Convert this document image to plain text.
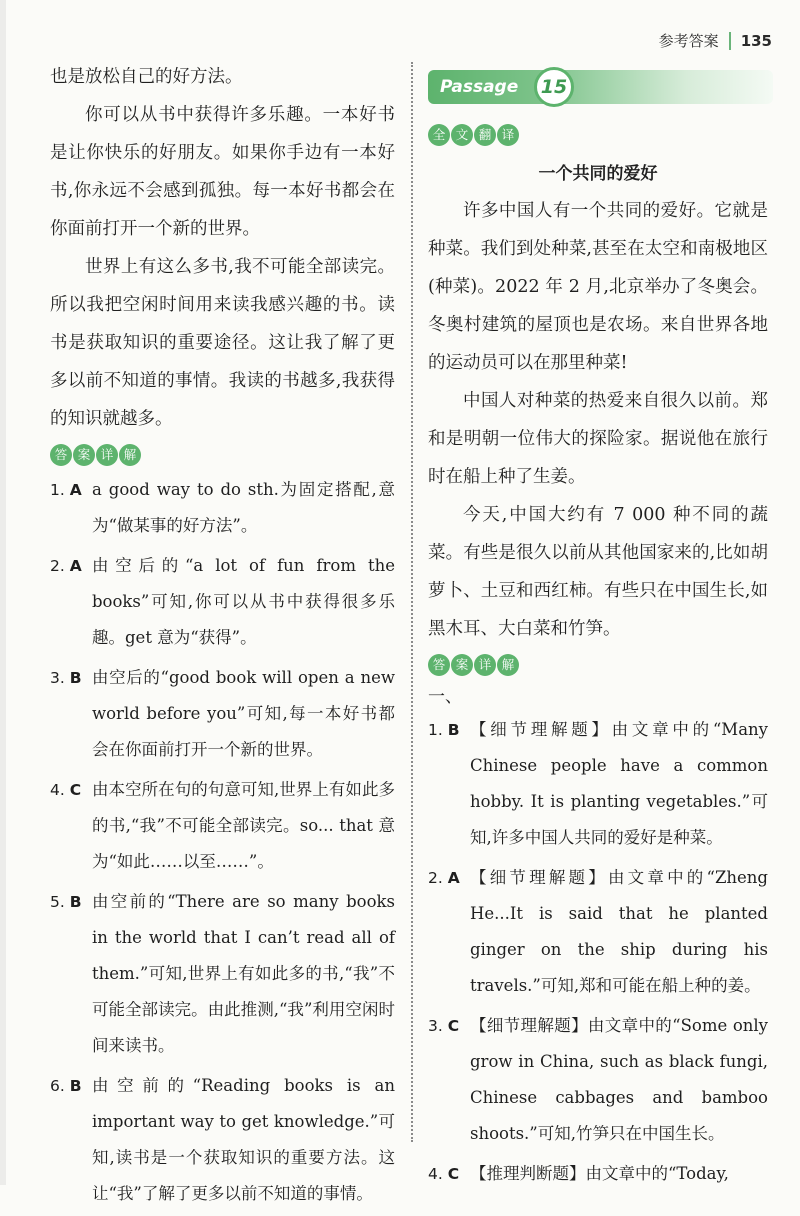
参考答案 135

也是放松自己的好方法。

你可以从书中获得许多乐趣。一本好书是让你快乐的好朋友。如果你手边有一本好书,你永远不会感到孤独。每一本好书都会在你面前打开一个新的世界。

世界上有这么多书,我不可能全部读完。所以我把空闲时间用来读我感兴趣的书。读书是获取知识的重要途径。这让我了解了更多以前不知道的事情。我读的书越多,我获得的知识就越多。

答 案 详 解
1. A a good way to do sth.为固定搭配,意为“做某事的好方法”。
2. A 由空后的“a lot of fun from the books”可知,你可以从书中获得很多乐趣。get 意为“获得”。
3. B 由空后的“good book will open a new world before you”可知,每一本好书都会在你面前打开一个新的世界。
4. C 由本空所在句的句意可知,世界上有如此多的书,“我”不可能全部读完。so... that 意为“如此……以至……”。
5. B 由空前的“There are so many books in the world that I can’t read all of them.”可知,世界上有如此多的书,“我”不可能全部读完。由此推测,“我”利用空闲时间来读书。
6. B 由空前的“Reading books is an important way to get knowledge.”可知,读书是一个获取知识的重要方法。这让“我”了解了更多以前不知道的事情。
Passage	15
全 文 翻 译
一个共同的爱好

许多中国人有一个共同的爱好。它就是种菜。我们到处种菜,甚至在太空和南极地区(种菜)。2022 年 2 月,北京举办了冬奥会。冬奥村建筑的屋顶也是农场。来自世界各地的运动员可以在那里种菜!

中国人对种菜的热爱来自很久以前。郑和是明朝一位伟大的探险家。据说他在旅行时在船上种了生姜。

今天,中国大约有 7 000 种不同的蔬菜。有些是很久以前从其他国家来的,比如胡萝卜、土豆和西红柿。有些只在中国生长,如黑木耳、大白菜和竹笋。

答 案 详 解

一、

1. B 【细节理解题】由文章中的“Many Chinese people have a common hobby. It is planting vegetables.”可知,许多中国人共同的爱好是种菜。
2. A 【细节理解题】由文章中的“Zheng He...It is said that he planted ginger on the ship during his travels.”可知,郑和可能在船上种的姜。
3. C 【细节理解题】由文章中的“Some only grow in China, such as black fungi, Chinese cabbages and bamboo shoots.”可知,竹笋只在中国生长。
4. C 【推理判断题】由文章中的“Today,
